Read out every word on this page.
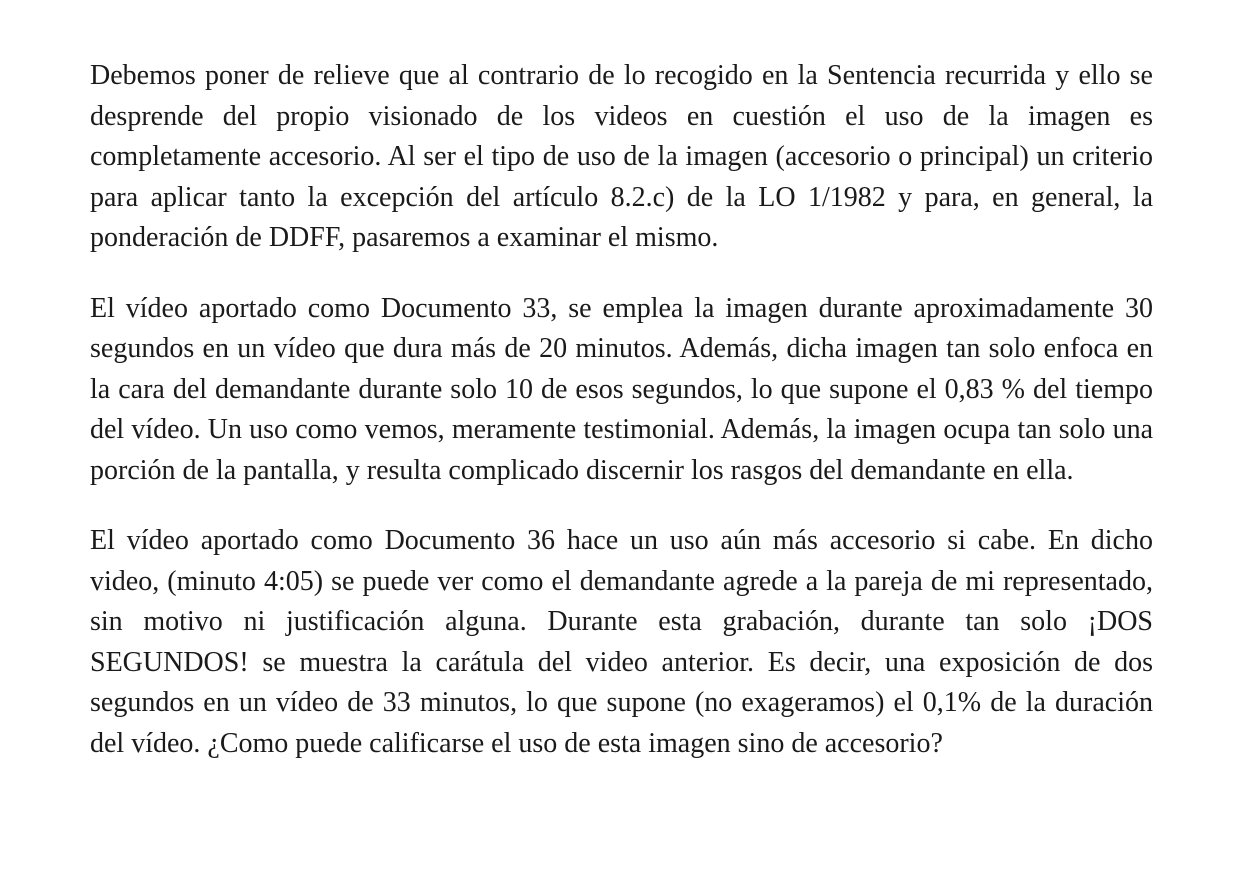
Debemos poner de relieve que al contrario de lo recogido en la Sentencia recurrida y ello se desprende del propio visionado de los videos en cuestión el uso de la imagen es completamente accesorio. Al ser el tipo de uso de la imagen (accesorio o principal) un criterio para aplicar tanto la excepción del artículo 8.2.c) de la LO 1/1982 y para, en general, la ponderación de DDFF, pasaremos a examinar el mismo.

El vídeo aportado como Documento 33, se emplea la imagen durante aproximadamente 30 segundos en un vídeo que dura más de 20 minutos. Además, dicha imagen tan solo enfoca en la cara del demandante durante solo 10 de esos segundos, lo que supone el 0,83 % del tiempo del vídeo. Un uso como vemos, meramente testimonial. Además, la imagen ocupa tan solo una porción de la pantalla, y resulta complicado discernir los rasgos del demandante en ella.

El vídeo aportado como Documento 36 hace un uso aún más accesorio si cabe. En dicho video, (minuto 4:05) se puede ver como el demandante agrede a la pareja de mi representado, sin motivo ni justificación alguna. Durante esta grabación, durante tan solo ¡DOS SEGUNDOS! se muestra la carátula del video anterior. Es decir, una exposición de dos segundos en un vídeo de 33 minutos, lo que supone (no exageramos) el 0,1% de la duración del vídeo. ¿Como puede calificarse el uso de esta imagen sino de accesorio?
